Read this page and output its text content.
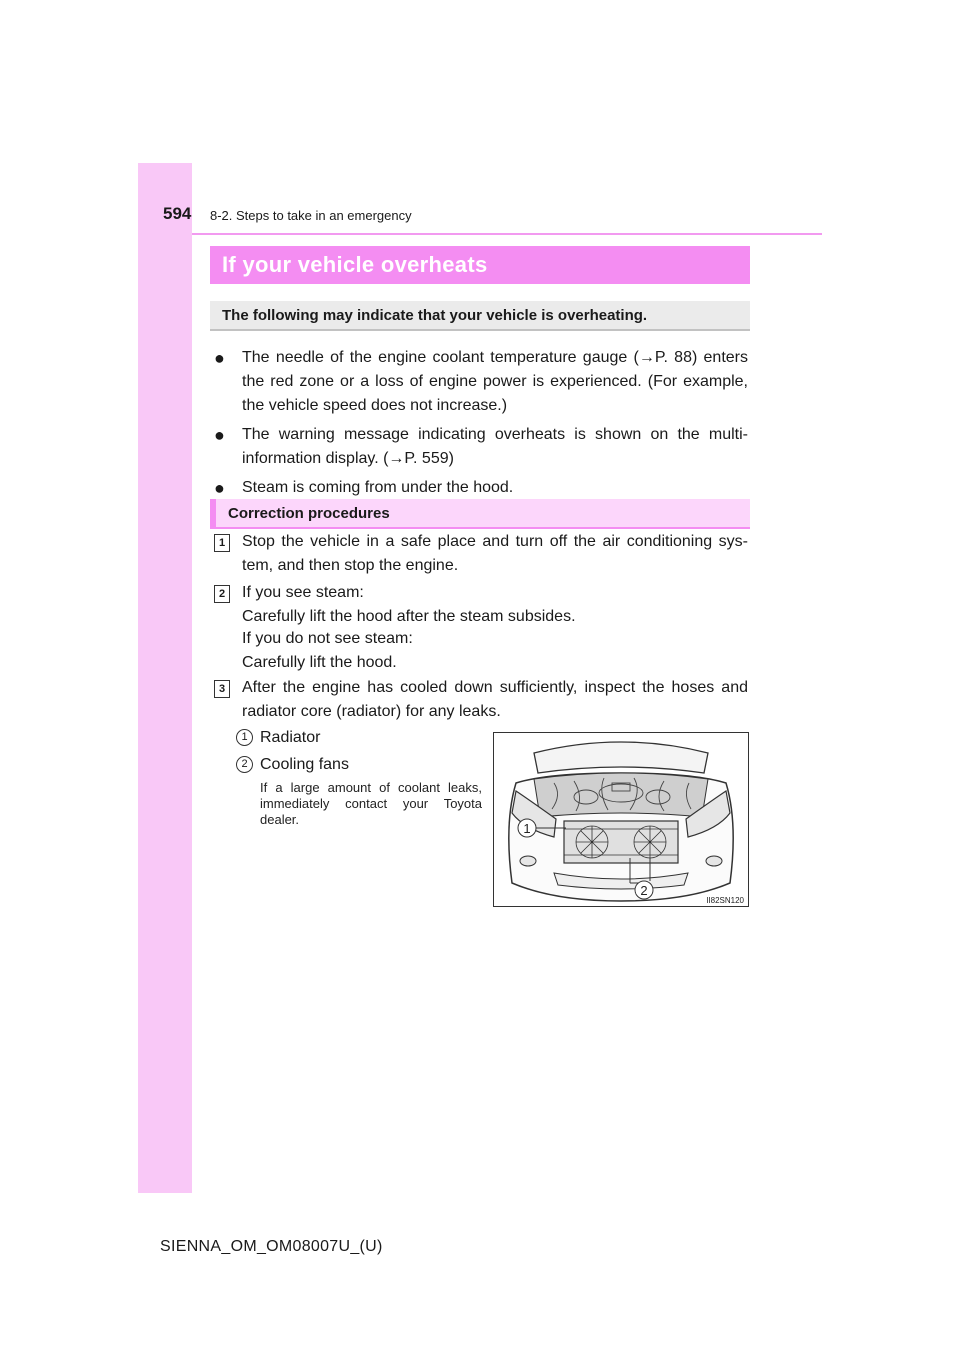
594 8-2. Steps to take in an emergency
If your vehicle overheats
The following may indicate that your vehicle is overheating.
● The needle of the engine coolant temperature gauge (→P. 88) enters the red zone or a loss of engine power is experienced. (For example, the vehicle speed does not increase.)
● The warning message indicating overheats is shown on the multi-information display. (→P. 559)
● Steam is coming from under the hood.
Correction procedures
1	Stop the vehicle in a safe place and turn off the air conditioning sys-tem, and then stop the engine.
2	If you see steam:
Carefully lift the hood after the steam subsides.
If you do not see steam:
Carefully lift the hood.
3	After the engine has cooled down sufficiently, inspect the hoses and radiator core (radiator) for any leaks.
1 Radiator
2 Cooling fans
If a large amount of coolant leaks, immediately contact your Toyota dealer.
1
2
II82SN120
SIENNA_OM_OM08007U_(U)
